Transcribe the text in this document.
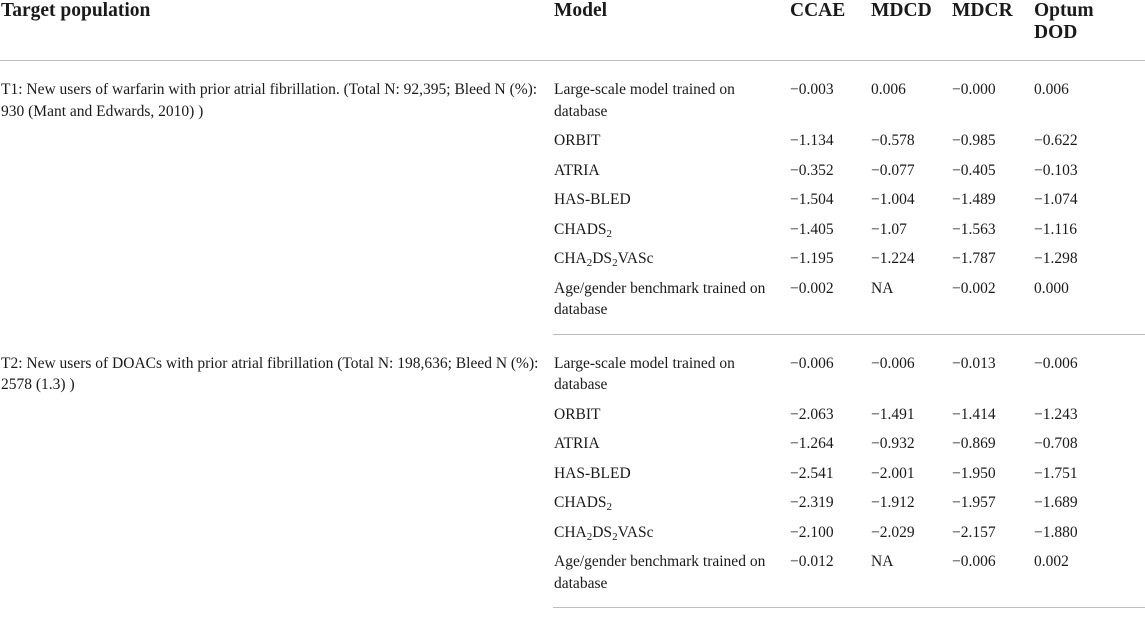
Target population	Model	CCAE	MDCD	MDCR	Optum
DOD

T1: New users of warfarin with prior atrial fibrillation. (Total N: 92,395; Bleed N (%): 930 (Mant and Edwards, 2010) )	Large-scale model trained on database	−0.003	0.006	−0.000	0.006
	ORBIT	−1.134	−0.578	−0.985	−0.622
	ATRIA	−0.352	−0.077	−0.405	−0.103
	HAS-BLED	−1.504	−1.004	−1.489	−1.074
	$CHADS_2$	−1.405	−1.07	−1.563	−1.116
	$CHA_2DS_2VASc$	−1.195	−1.224	−1.787	−1.298
	Age/gender benchmark trained on database	−0.002	NA	−0.002	0.000

T2: New users of DOACs with prior atrial fibrillation (Total N: 198,636; Bleed N (%): 2578 (1.3) )	Large-scale model trained on database	−0.006	−0.006	−0.013	−0.006
	ORBIT	−2.063	−1.491	−1.414	−1.243
	ATRIA	−1.264	−0.932	−0.869	−0.708
	HAS-BLED	−2.541	−2.001	−1.950	−1.751
	$CHADS_2$	−2.319	−1.912	−1.957	−1.689
	$CHA_2DS_2VASc$	−2.100	−2.029	−2.157	−1.880
	Age/gender benchmark trained on database	−0.012	NA	−0.006	0.002
